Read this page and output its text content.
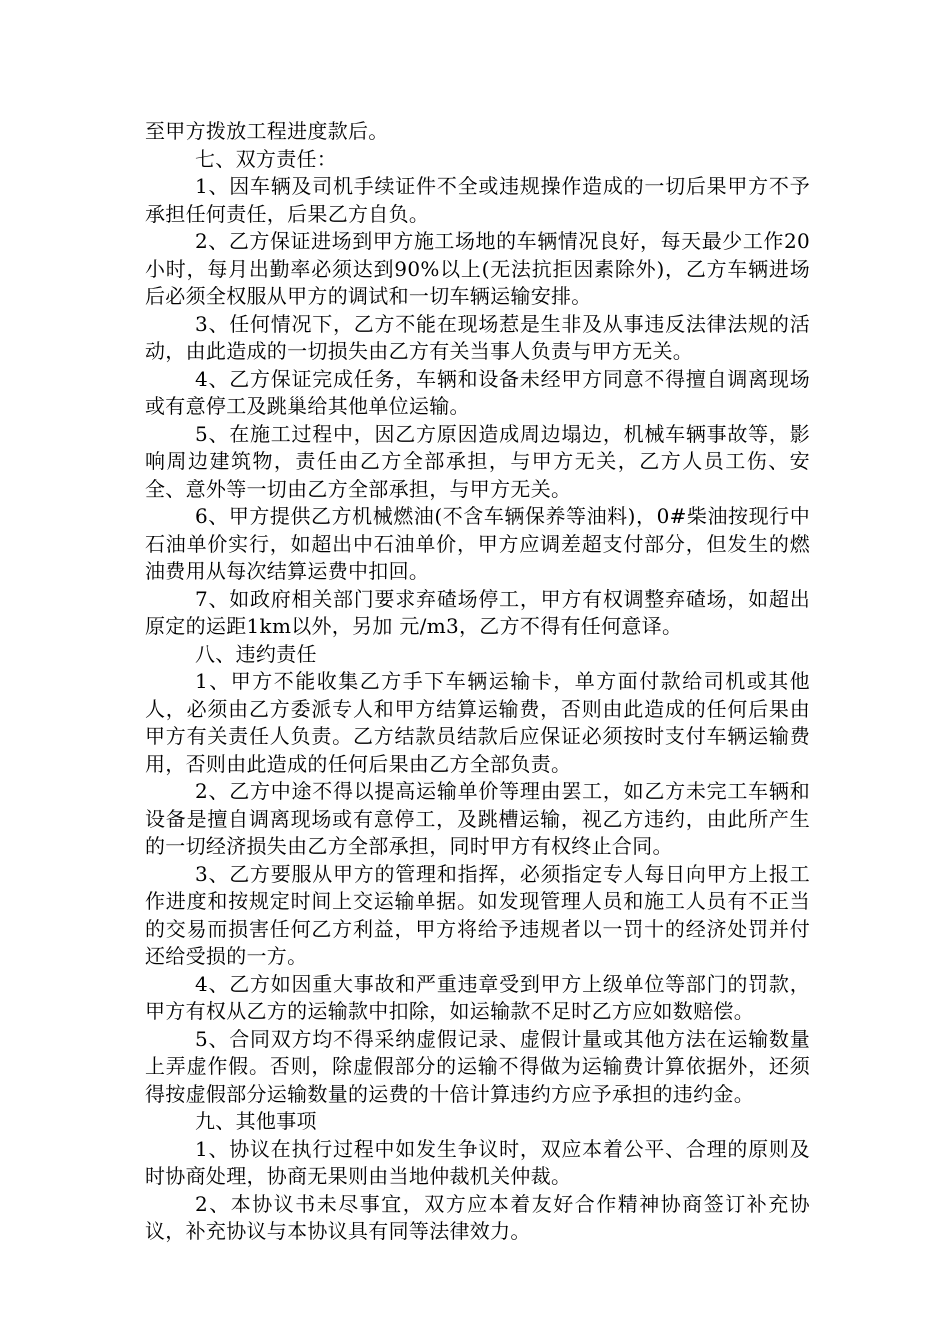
至甲方拨放工程进度款后。

七、双方责任：

1、因车辆及司机手续证件不全或违规操作造成的一切后果甲方不予承担任何责任，后果乙方自负。

2、乙方保证进场到甲方施工场地的车辆情况良好，每天最少工作20小时，每月出勤率必须达到90%以上(无法抗拒因素除外)，乙方车辆进场后必须全权服从甲方的调试和一切车辆运输安排。

3、任何情况下，乙方不能在现场惹是生非及从事违反法律法规的活动，由此造成的一切损失由乙方有关当事人负责与甲方无关。

4、乙方保证完成任务，车辆和设备未经甲方同意不得擅自调离现场或有意停工及跳巢给其他单位运输。

5、在施工过程中，因乙方原因造成周边塌边，机械车辆事故等，影响周边建筑物，责任由乙方全部承担，与甲方无关，乙方人员工伤、安全、意外等一切由乙方全部承担，与甲方无关。

6、甲方提供乙方机械燃油(不含车辆保养等油料)，0#柴油按现行中石油单价实行，如超出中石油单价，甲方应调差超支付部分，但发生的燃油费用从每次结算运费中扣回。

7、如政府相关部门要求弃碴场停工，甲方有权调整弃碴场，如超出原定的运距1km以外，另加 元/m3，乙方不得有任何意译。

八、违约责任

1、甲方不能收集乙方手下车辆运输卡，单方面付款给司机或其他人，必须由乙方委派专人和甲方结算运输费，否则由此造成的任何后果由甲方有关责任人负责。乙方结款员结款后应保证必须按时支付车辆运输费用，否则由此造成的任何后果由乙方全部负责。

2、乙方中途不得以提高运输单价等理由罢工，如乙方未完工车辆和设备是擅自调离现场或有意停工，及跳槽运输，视乙方违约，由此所产生的一切经济损失由乙方全部承担，同时甲方有权终止合同。

3、乙方要服从甲方的管理和指挥，必须指定专人每日向甲方上报工作进度和按规定时间上交运输单据。如发现管理人员和施工人员有不正当的交易而损害任何乙方利益，甲方将给予违规者以一罚十的经济处罚并付还给受损的一方。

4、乙方如因重大事故和严重违章受到甲方上级单位等部门的罚款，甲方有权从乙方的运输款中扣除，如运输款不足时乙方应如数赔偿。

5、合同双方均不得采纳虚假记录、虚假计量或其他方法在运输数量上弄虚作假。否则，除虚假部分的运输不得做为运输费计算依据外，还须得按虚假部分运输数量的运费的十倍计算违约方应予承担的违约金。

九、其他事项

1、协议在执行过程中如发生争议时，双应本着公平、合理的原则及时协商处理，协商无果则由当地仲裁机关仲裁。

2、本协议书未尽事宜，双方应本着友好合作精神协商签订补充协议，补充协议与本协议具有同等法律效力。
